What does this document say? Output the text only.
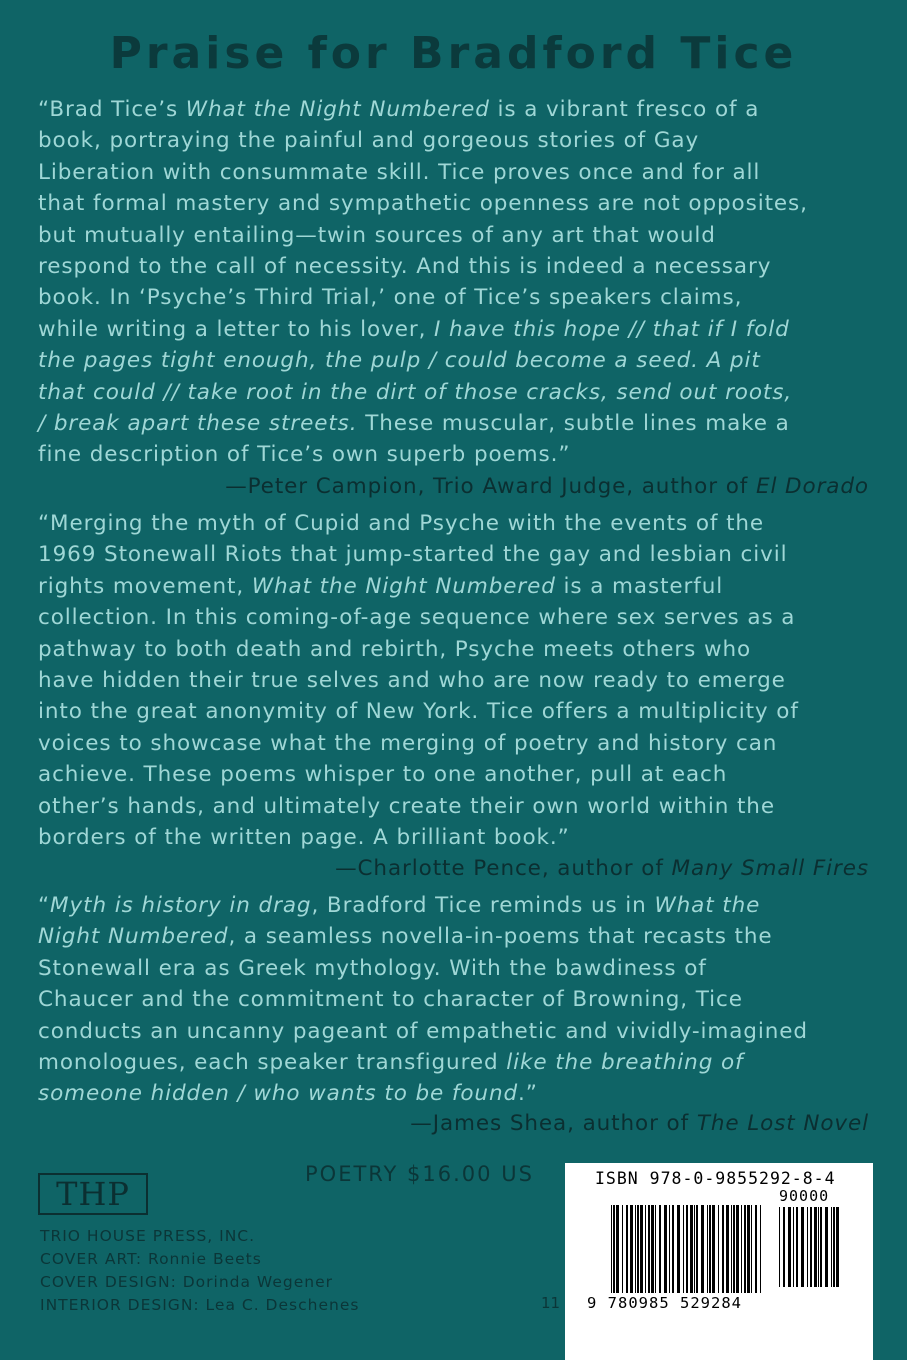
Praise for Bradford Tice
“Brad Tice’s What the Night Numbered is a vibrant fresco of a
book, portraying the painful and gorgeous stories of Gay
Liberation with consummate skill. Tice proves once and for all
that formal mastery and sympathetic openness are not opposites,
but mutually entailing—twin sources of any art that would
respond to the call of necessity. And this is indeed a necessary
book. In ‘Psyche’s Third Trial,’ one of Tice’s speakers claims,
while writing a letter to his lover, I have this hope // that if I fold
the pages tight enough, the pulp / could become a seed. A pit
that could // take root in the dirt of those cracks, send out roots,
/ break apart these streets. These muscular, subtle lines make a
fine description of Tice’s own superb poems.”
—Peter Campion, Trio Award Judge, author of El Dorado
“Merging the myth of Cupid and Psyche with the events of the
1969 Stonewall Riots that jump-started the gay and lesbian civil
rights movement, What the Night Numbered is a masterful
collection. In this coming-of-age sequence where sex serves as a
pathway to both death and rebirth, Psyche meets others who
have hidden their true selves and who are now ready to emerge
into the great anonymity of New York. Tice offers a multiplicity of
voices to showcase what the merging of poetry and history can
achieve. These poems whisper to one another, pull at each
other’s hands, and ultimately create their own world within the
borders of the written page. A brilliant book.”
—Charlotte Pence, author of Many Small Fires
“Myth is history in drag, Bradford Tice reminds us in What the
Night Numbered, a seamless novella-in-poems that recasts the
Stonewall era as Greek mythology. With the bawdiness of
Chaucer and the commitment to character of Browning, Tice
conducts an uncanny pageant of empathetic and vividly-imagined
monologues, each speaker transfigured like the breathing of
someone hidden / who wants to be found.”
—James Shea, author of The Lost Novel
POETRY $16.00 US
THP
TRIO HOUSE PRESS, INC.
COVER ART: Ronnie Beets
COVER DESIGN: Dorinda Wegener
INTERIOR DESIGN: Lea C. Deschenes	11
ISBN 978-0-9855292-8-4
90000
9 780985 529284
